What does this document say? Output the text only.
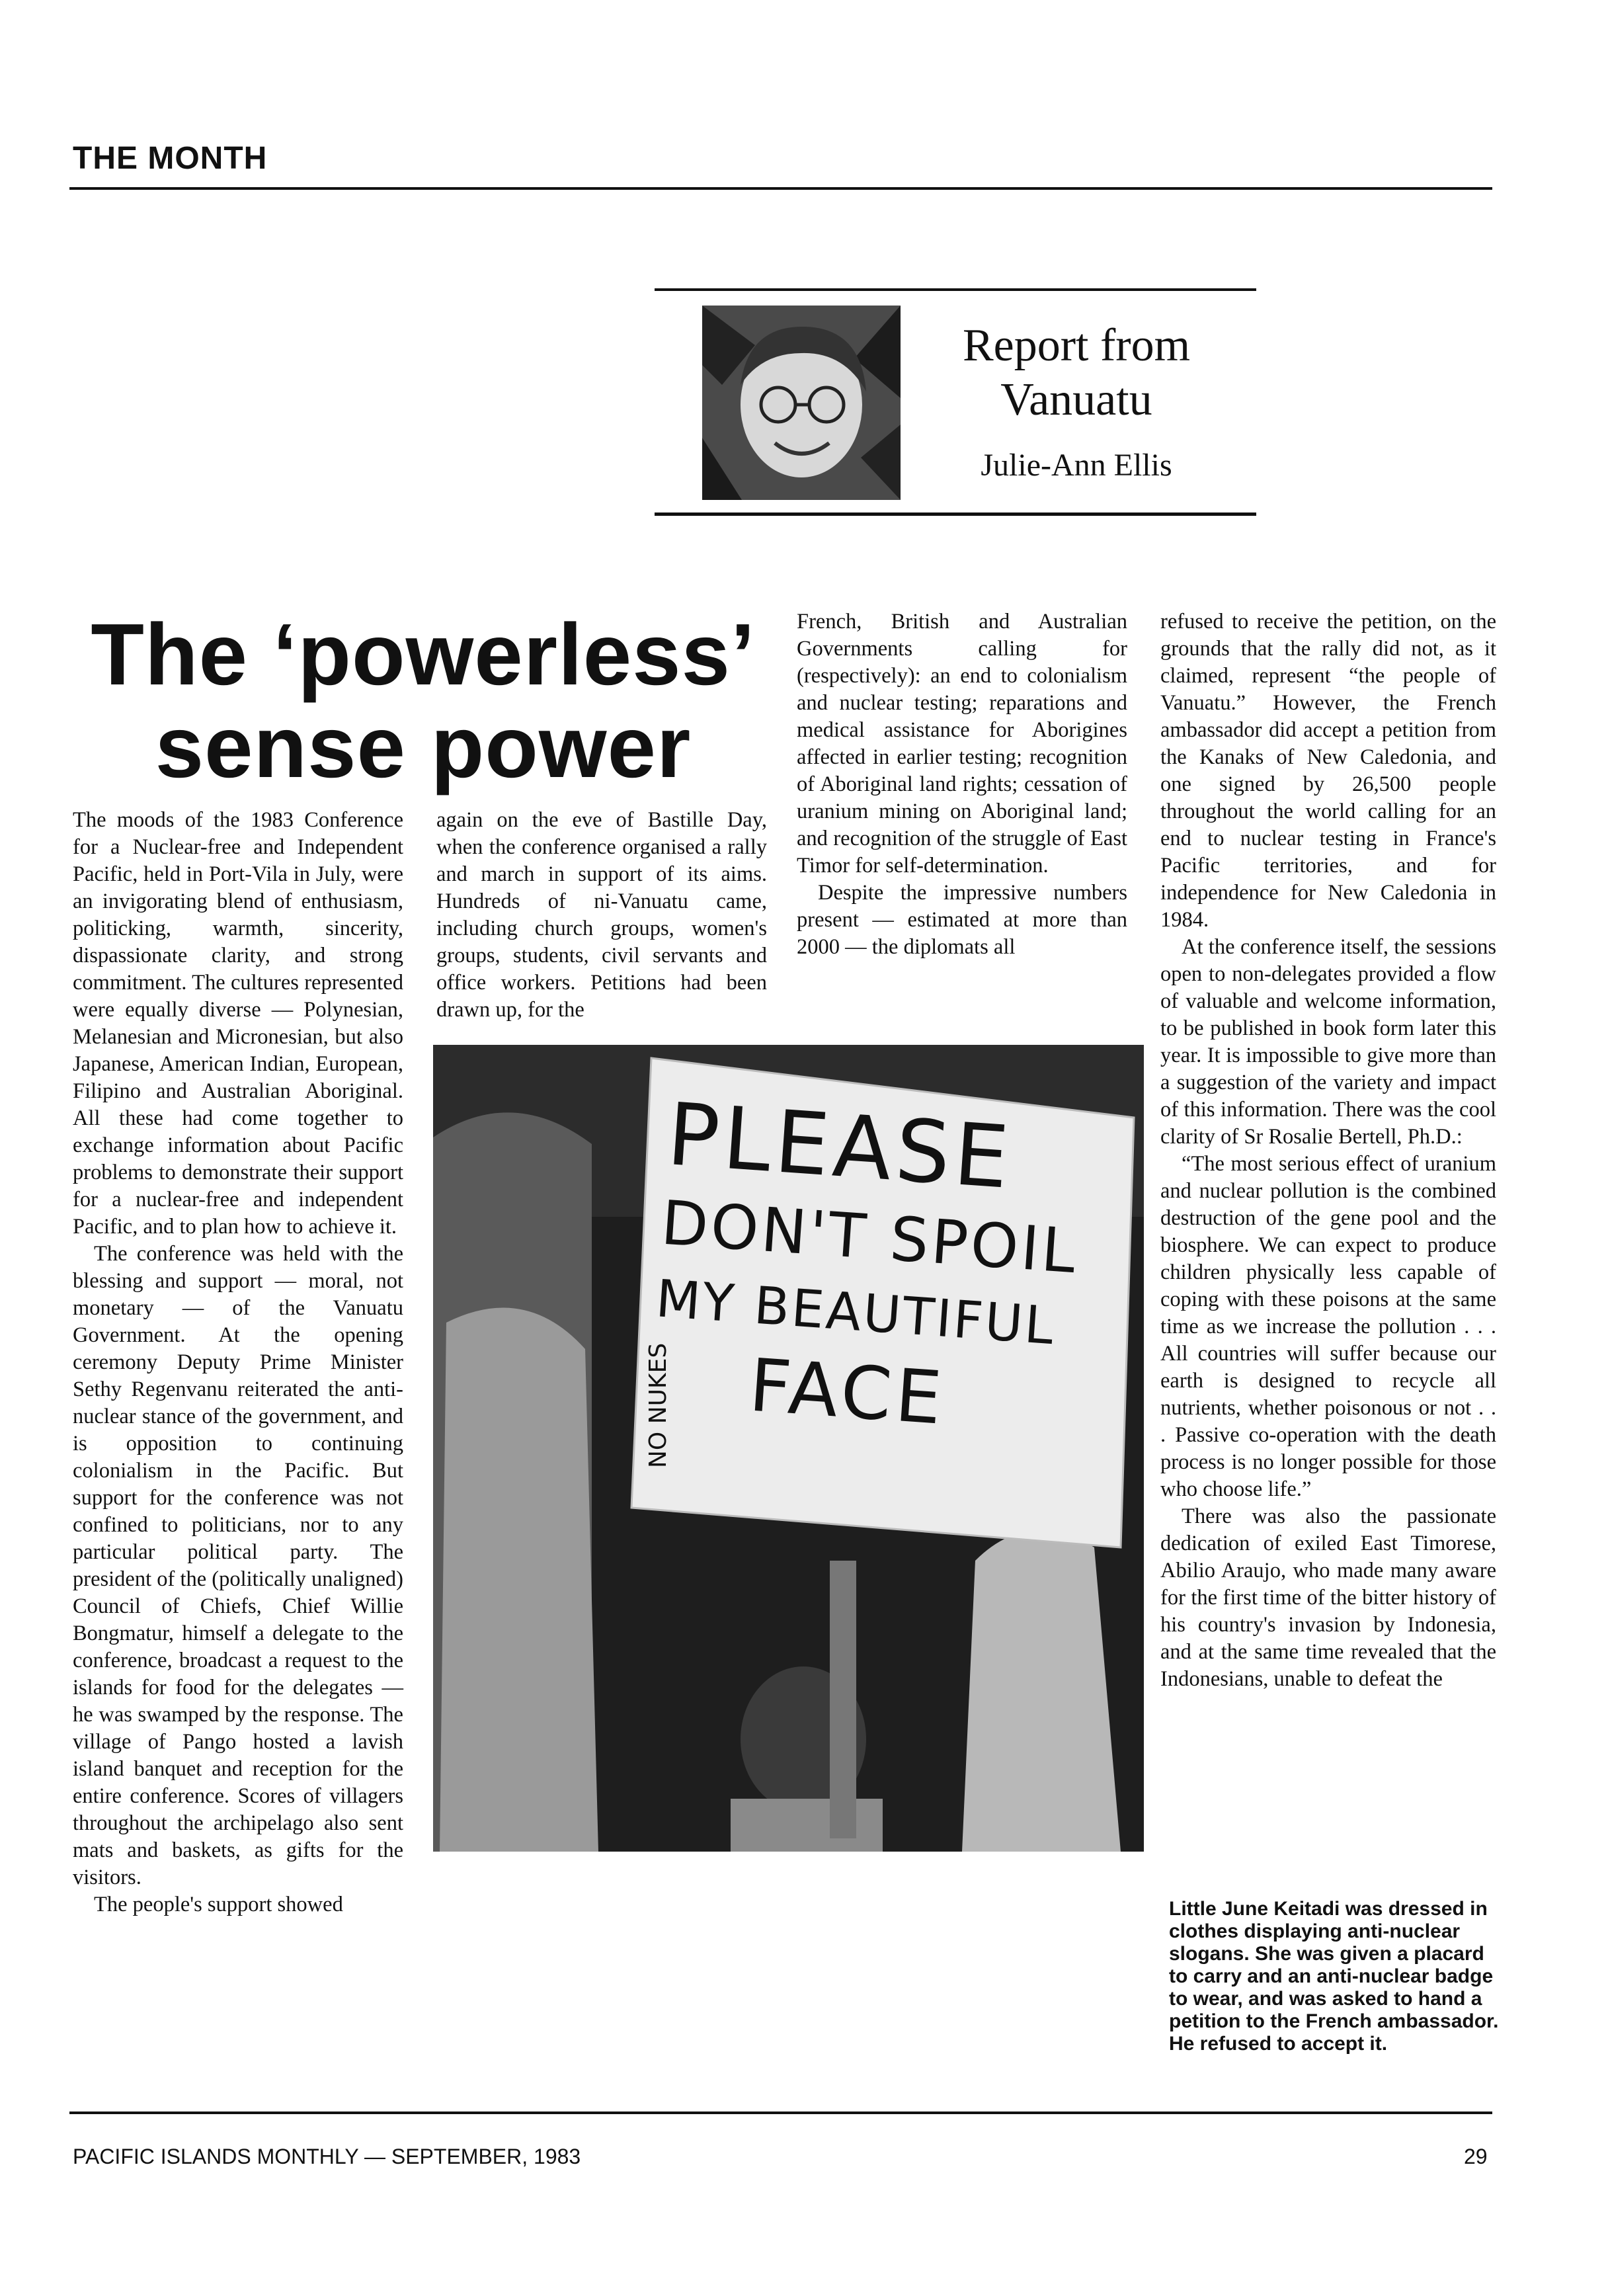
THE MONTH
Report from
Vanuatu
Julie-Ann Ellis
The ‘powerless’
sense power

The moods of the 1983 Conference for a Nuclear-free and Independent Pacific, held in Port-Vila in July, were an invigorating blend of enthusiasm, politicking, warmth, sincerity, dispassionate clarity, and strong commitment. The cultures represented were equally diverse — Polynesian, Melanesian and Micronesian, but also Japanese, American Indian, European, Filipino and Australian Aboriginal. All these had come together to exchange information about Pacific problems to demonstrate their support for a nuclear-free and independent Pacific, and to plan how to achieve it.

The conference was held with the blessing and support — moral, not monetary — of the Vanuatu Government. At the opening ceremony Deputy Prime Minister Sethy Regenvanu reiterated the anti-nuclear stance of the government, and is opposition to continuing colonialism in the Pacific. But support for the conference was not confined to politicians, nor to any particular political party. The president of the (politically unaligned) Council of Chiefs, Chief Willie Bongmatur, himself a delegate to the conference, broadcast a request to the islands for food for the delegates — he was swamped by the response. The village of Pango hosted a lavish island banquet and reception for the entire conference. Scores of villagers throughout the archipelago also sent mats and baskets, as gifts for the visitors.

The people's support showed

again on the eve of Bastille Day, when the conference organised a rally and march in support of its aims. Hundreds of ni-Vanuatu came, including church groups, women's groups, students, civil servants and office workers. Petitions had been drawn up, for the

French, British and Australian Governments calling for (respectively): an end to colonialism and nuclear testing; reparations and medical assistance for Aborigines affected in earlier testing; recognition of Aboriginal land rights; cessation of uranium mining on Aboriginal land; and recognition of the struggle of East Timor for self-determination.

Despite the impressive numbers present — estimated at more than 2000 — the diplomats all

refused to receive the petition, on the grounds that the rally did not, as it claimed, represent “the people of Vanuatu.” However, the French ambassador did accept a petition from the Kanaks of New Caledonia, and one signed by 26,500 people throughout the world calling for an end to nuclear testing in France's Pacific territories, and for independence for New Caledonia in 1984.

At the conference itself, the sessions open to non-delegates provided a flow of valuable and welcome information, to be published in book form later this year. It is impossible to give more than a suggestion of the variety and impact of this information. There was the cool clarity of Sr Rosalie Bertell, Ph.D.:

“The most serious effect of uranium and nuclear pollution is the combined destruction of the gene pool and the biosphere. We can expect to produce children physically less capable of coping with these poisons at the same time as we increase the pollution . . . All countries will suffer because our earth is designed to recycle all nutrients, whether poisonous or not . . . Passive co-operation with the death process is no longer possible for those who choose life.”

There was also the passionate dedication of exiled East Timorese, Abilio Araujo, who made many aware for the first time of the bitter history of his country's invasion by Indonesia, and at the same time revealed that the Indonesians, unable to defeat the

PLEASE
DON'T SPOIL
MY BEAUTIFUL
FACE
NO NUKES
Little June Keitadi was dressed in clothes displaying anti-nuclear slogans. She was given a placard to carry and an anti-nuclear badge to wear, and was asked to hand a petition to the French ambassador. He refused to accept it.
PACIFIC ISLANDS MONTHLY — SEPTEMBER, 1983	29
